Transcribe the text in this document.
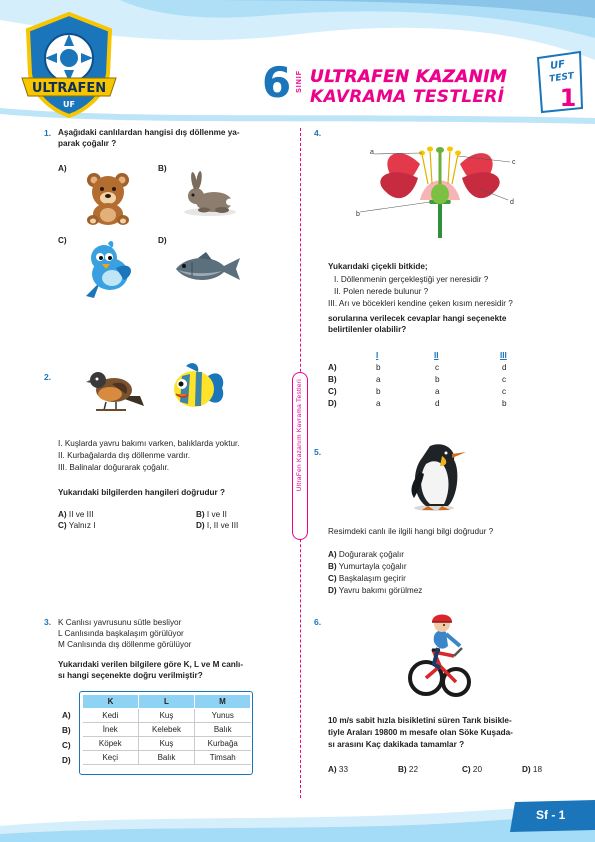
ULTRAFEN
UF	6 SINIF ULTRAFEN KAZANIM
KAVRAMA TESTLERİ
UF
TEST
1
UltraFen Kazanım Kavrama Testleri
1. Aşağıdaki canlılardan hangisi dış döllenme ya-
parak çoğalır ?
A)	B)
C)	D)
2.
I. Kuşlarda yavru bakımı varken, balıklarda yoktur.
II. Kurbağalarda dış döllenme vardır.
III. Balinalar doğurarak çoğalır.
Yukarıdaki bilgilerden hangileri doğrudur ?
A) II ve III	B) I ve II
C) Yalnız I	D) I, II ve III
3. K Canlısı yavrusunu sütle besliyor
L Canlısında başkalaşım görülüyor
M Canlısında dış döllenme görülüyor
Yukarıdaki verilen bilgilere göre K, L ve M canlı-
sı hangi seçenekte doğru verilmiştir?
K	L	M
Kedi	Kuş	Yunus
İnek	Kelebek	Balık
Köpek	Kuş	Kurbağa
Keçi	Balık	Timsah
A)
B)
C)
D)
4.
a
b
c
d
Yukarıdaki çiçekli bitkide;
I. Döllenmenin gerçekleştiği yer neresidir ?
II. Polen nerede bulunur ?
III. Arı ve böcekleri kendine çeken kısım neresidir ?
sorularına verilecek cevaplar hangi seçenekte
belirtilenler olabilir?
I	II	III
A)	b	c	d
B)	a	b	c
C)	b	a	c
D)	a	d	b
5.
Resimdeki canlı ile ilgili hangi bilgi doğrudur ?
A) Doğurarak çoğalır
B) Yumurtayla çoğalır
C) Başkalaşım geçirir
D) Yavru bakımı görülmez
6.
10 m/s sabit hızla bisikletini süren Tarık bisikle-
tiyle Araları 19800 m mesafe olan Söke Kuşada-
sı arasını Kaç dakikada tamamlar ?
A) 33	B) 22	C) 20	D) 18
Sf - 1
